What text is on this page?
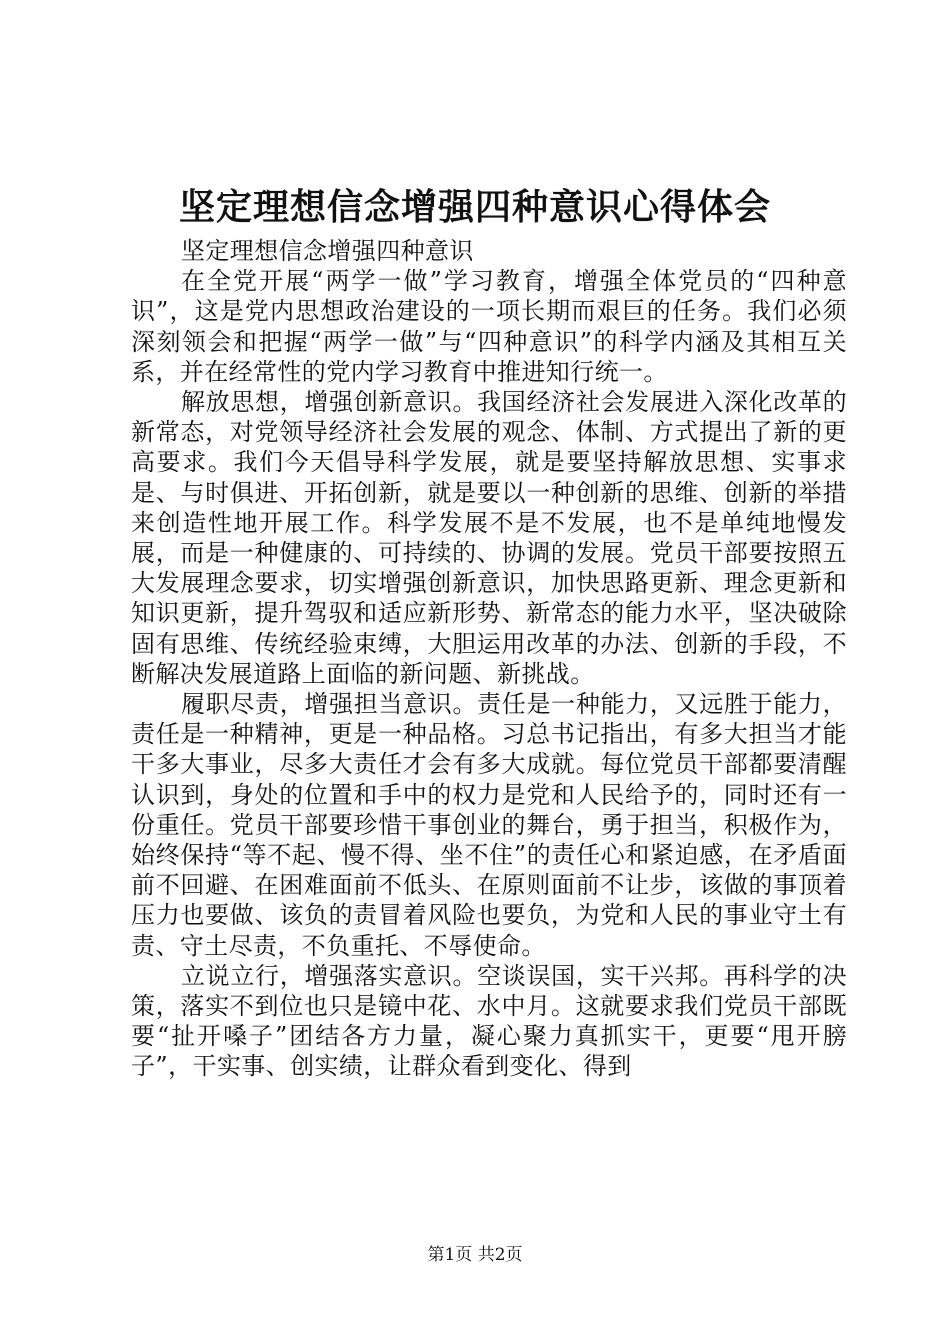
坚定理想信念增强四种意识心得体会

坚定理想信念增强四种意识

在全党开展“两学一做”学习教育，增强全体党员的“四种意识”，这是党内思想政治建设的一项长期而艰巨的任务。我们必须深刻领会和把握“两学一做”与“四种意识”的科学内涵及其相互关系，并在经常性的党内学习教育中推进知行统一。

解放思想，增强创新意识。我国经济社会发展进入深化改革的新常态，对党领导经济社会发展的观念、体制、方式提出了新的更高要求。我们今天倡导科学发展，就是要坚持解放思想、实事求是、与时俱进、开拓创新，就是要以一种创新的思维、创新的举措来创造性地开展工作。科学发展不是不发展，也不是单纯地慢发展，而是一种健康的、可持续的、协调的发展。党员干部要按照五大发展理念要求，切实增强创新意识，加快思路更新、理念更新和知识更新，提升驾驭和适应新形势、新常态的能力水平，坚决破除固有思维、传统经验束缚，大胆运用改革的办法、创新的手段，不断解决发展道路上面临的新问题、新挑战。

履职尽责，增强担当意识。责任是一种能力，又远胜于能力，责任是一种精神，更是一种品格。习总书记指出，有多大担当才能干多大事业，尽多大责任才会有多大成就。每位党员干部都要清醒认识到，身处的位置和手中的权力是党和人民给予的，同时还有一份重任。党员干部要珍惜干事创业的舞台，勇于担当，积极作为，始终保持“等不起、慢不得、坐不住”的责任心和紧迫感，在矛盾面前不回避、在困难面前不低头、在原则面前不让步，该做的事顶着压力也要做、该负的责冒着风险也要负，为党和人民的事业守土有责、守土尽责，不负重托、不辱使命。

立说立行，增强落实意识。空谈误国，实干兴邦。再科学的决策，落实不到位也只是镜中花、水中月。这就要求我们党员干部既要“扯开嗓子”团结各方力量，凝心聚力真抓实干，更要“甩开膀子”，干实事、创实绩，让群众看到变化、得到

第1页 共2页
